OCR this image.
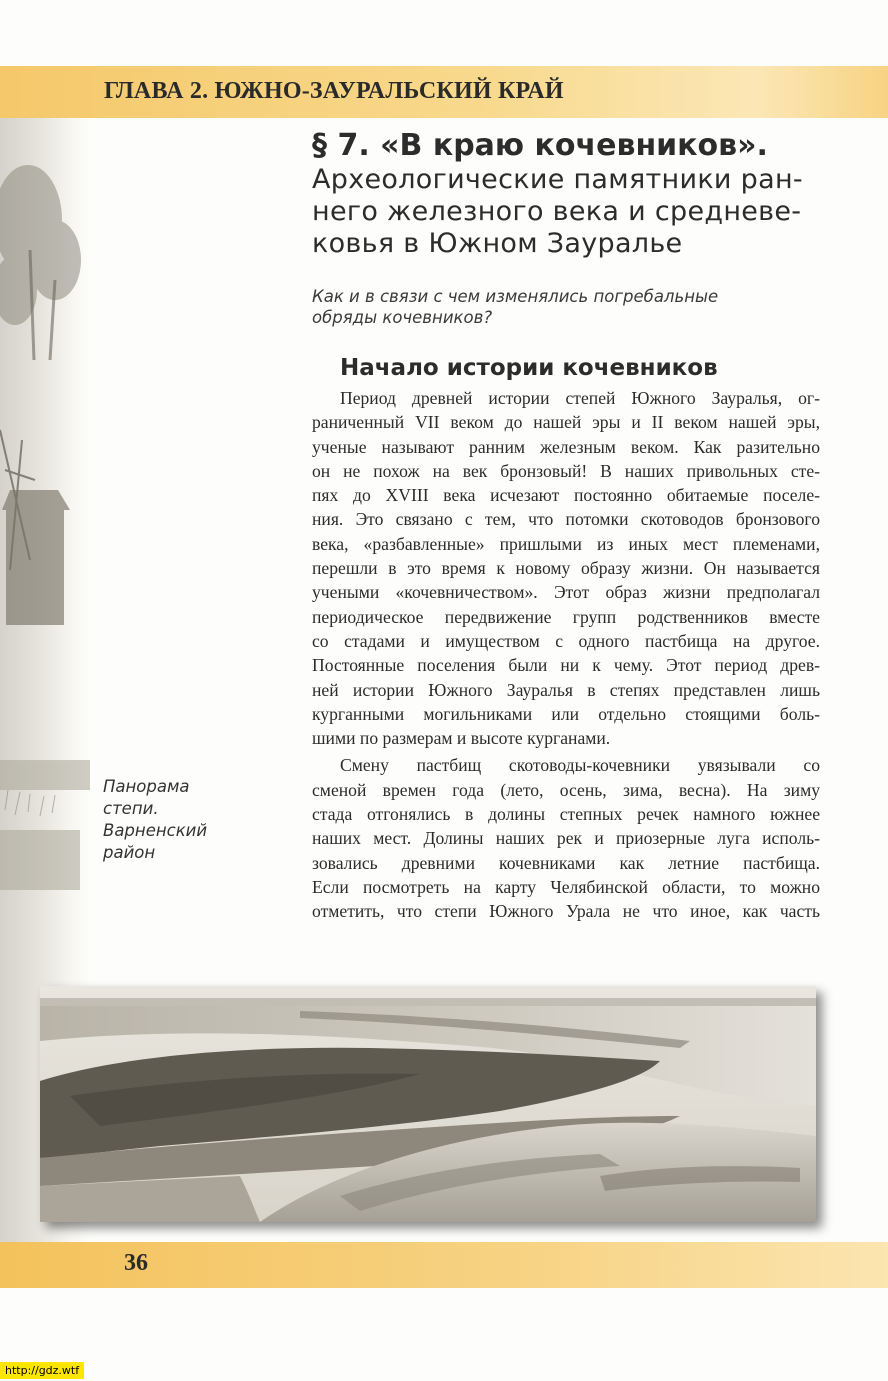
ГЛАВА 2. ЮЖНО-ЗАУРАЛЬСКИЙ КРАЙ
§ 7. «В краю кочевников».
Археологические памятники ран-
него железного века и средневе-
ковья в Южном Зауралье
Как и в связи с чем изменялись погребальные
обряды кочевников?
Начало истории кочевников
Период древней истории степей Южного Зауралья, ог-
раниченный VII веком до нашей эры и II веком нашей эры,
ученые называют ранним железным веком. Как разительно
он не похож на век бронзовый! В наших привольных сте-
пях до XVIII века исчезают постоянно обитаемые поселе-
ния. Это связано с тем, что потомки скотоводов бронзового
века, «разбавленные» пришлыми из иных мест племенами,
перешли в это время к новому образу жизни. Он называется
учеными «кочевничеством». Этот образ жизни предполагал
периодическое передвижение групп родственников вместе
со стадами и имуществом с одного пастбища на другое.
Постоянные поселения были ни к чему. Этот период древ-
ней истории Южного Зауралья в степях представлен лишь
курганными могильниками или отдельно стоящими боль-
шими по размерам и высоте курганами.
Смену пастбищ скотоводы-кочевники увязывали со
сменой времен года (лето, осень, зима, весна). На зиму
стада отгонялись в долины степных речек намного южнее
наших мест. Долины наших рек и приозерные луга исполь-
зовались древними кочевниками как летние пастбища.
Если посмотреть на карту Челябинской области, то можно
отметить, что степи Южного Урала не что иное, как часть
Панорама
степи.
Варненский
район
36
http://gdz.wtf
